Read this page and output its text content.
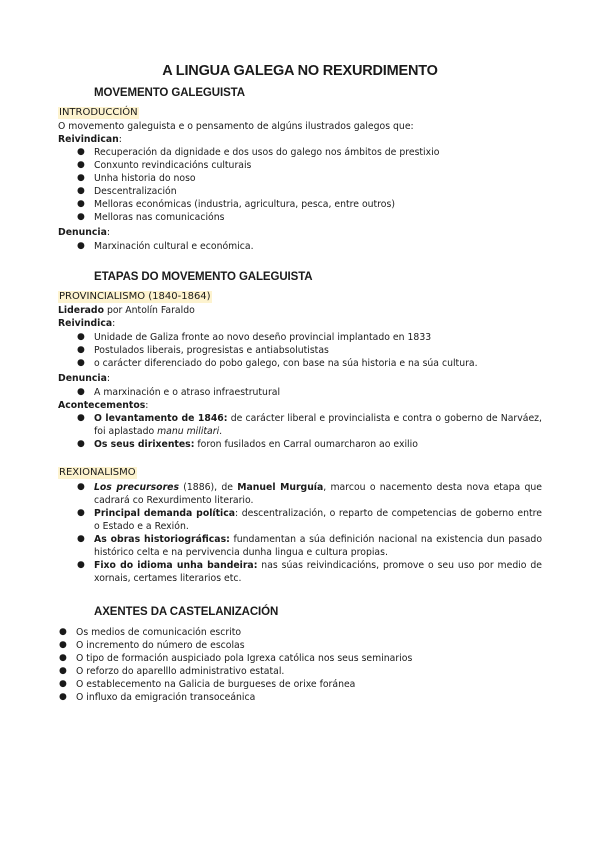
A LINGUA GALEGA NO REXURDIMENTO
MOVEMENTO GALEGUISTA
INTRODUCCIÓN
O movemento galeguista e o pensamento de algúns ilustrados galegos que:
Reivindican:
● Recuperación da dignidade e dos usos do galego nos ámbitos de prestixio
● Conxunto revindicacións culturais
● Unha historia do noso
● Descentralización
● Melloras económicas (industria, agricultura, pesca, entre outros)
● Melloras nas comunicacións
Denuncia:
● Marxinación cultural e económica.
ETAPAS DO MOVEMENTO GALEGUISTA
PROVINCIALISMO (1840-1864)
Liderado por Antolín Faraldo
Reivindica:
● Unidade de Galiza fronte ao novo deseño provincial implantado en 1833
● Postulados liberais, progresistas e antiabsolutistas
● o carácter diferenciado do pobo galego, con base na súa historia e na súa cultura.
Denuncia:
● A marxinación e o atraso infraestrutural
Acontecementos:
● O levantamento de 1846: de carácter liberal e provincialista e contra o goberno de Narváez, foi aplastado manu militari.
● Os seus dirixentes: foron fusilados en Carral oumarcharon ao exilio
REXIONALISMO
● Los precursores (1886), de Manuel Murguía, marcou o nacemento desta nova etapa que cadrará co Rexurdimento literario.
● Principal demanda política: descentralización, o reparto de competencias de goberno entre o Estado e a Rexión.
● As obras historiográficas: fundamentan a súa definición nacional na existencia dun pasado histórico celta e na pervivencia dunha lingua e cultura propias.
● Fixo do idioma unha bandeira: nas súas reivindicacións, promove o seu uso por medio de xornais, certames literarios etc.
AXENTES DA CASTELANIZACIÓN
● Os medios de comunicación escrito
● O incremento do número de escolas
● O tipo de formación auspiciado pola Igrexa católica nos seus seminarios
● O reforzo do aparelllo administrativo estatal.
● O establecemento na Galicia de burgueses de orixe foránea
● O influxo da emigración transoceánica
